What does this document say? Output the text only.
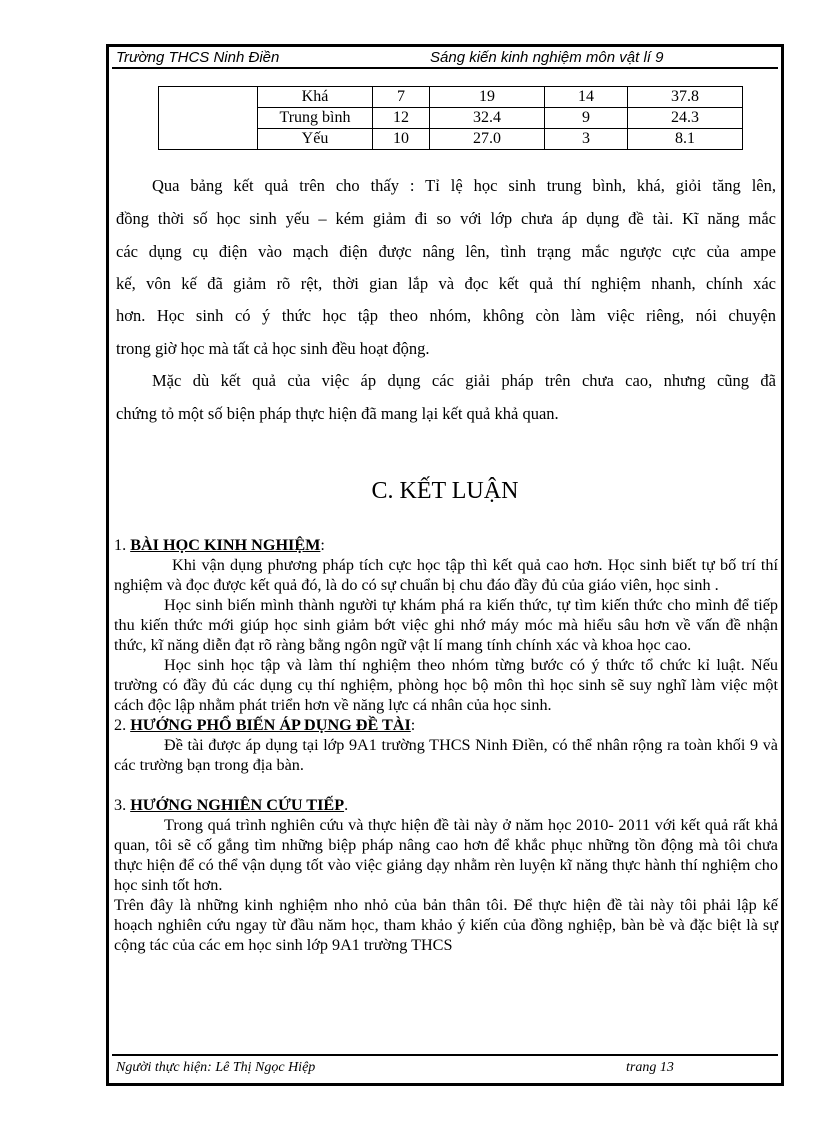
Trường THCS Ninh Điền	Sáng kiến kinh nghiệm môn vật lí 9
	Khá	7	19	14	37.8
	Trung bình	12	32.4	9	24.3
	Yếu	10	27.0	3	8.1
Qua bảng kết quả trên cho thấy : Tỉ lệ học sinh trung bình, khá, giỏi tăng lên,
đồng thời số học sinh yếu – kém giảm đi so với lớp chưa áp dụng đề tài. Kĩ năng mắc
các dụng cụ điện vào mạch điện được nâng lên, tình trạng mắc ngược cực của ampe
kế, vôn kế đã giảm rõ rệt, thời gian lắp và đọc kết quả thí nghiệm nhanh, chính xác
hơn. Học sinh có ý thức học tập theo nhóm, không còn làm việc riêng, nói chuyện
trong giờ học mà tất cả học sinh đều hoạt động.
Mặc dù kết quả của việc áp dụng các giải pháp trên chưa cao, nhưng cũng đã
chứng tỏ một số biện pháp thực hiện đã mang lại kết quả khả quan.
C. KẾT LUẬN
1. BÀI HỌC KINH NGHIỆM:
Khi vận dụng phương pháp tích cực học tập thì kết quả cao hơn. Học sinh biết tự bố trí thí nghiệm và đọc được kết quả đó, là do có sự chuẩn bị chu đáo đầy đủ của giáo viên, học sinh .
Học sinh biến mình thành người tự khám phá ra kiến thức, tự tìm kiến thức cho mình để tiếp thu kiến thức mới giúp học sinh giảm bớt việc ghi nhớ máy móc mà hiểu sâu hơn về vấn đề nhận thức, kĩ năng diễn đạt rõ ràng bằng ngôn ngữ vật lí mang tính chính xác và khoa học cao.
Học sinh học tập và làm thí nghiệm theo nhóm từng bước có ý thức tổ chức kỉ luật. Nếu trường có đầy đủ các dụng cụ thí nghiệm, phòng học bộ môn thì học sinh sẽ suy nghĩ làm việc một cách độc lập nhằm phát triển hơn về năng lực cá nhân của học sinh.
2. HƯỚNG PHỔ BIẾN ÁP DỤNG ĐỀ TÀI:
Đề tài được áp dụng tại lớp 9A1 trường THCS Ninh Điền, có thể nhân rộng ra toàn khối 9 và các trường bạn trong địa bàn.
3. HƯỚNG NGHIÊN CỨU TIẾP.
Trong quá trình nghiên cứu và thực hiện đề tài này ở năm học 2010- 2011 với kết quả rất khả quan, tôi sẽ cố gắng tìm những biệp pháp nâng cao hơn để khắc phục những tồn động mà tôi chưa thực hiện để có thể vận dụng tốt vào việc giảng dạy nhằm rèn luyện kĩ năng thực hành thí nghiệm cho học sinh tốt hơn.
Trên đây là những kinh nghiệm nho nhỏ của bản thân tôi. Để thực hiện đề tài này tôi phải lập kế hoạch nghiên cứu ngay từ đầu năm học, tham khảo ý kiến của đồng nghiệp, bàn bè và đặc biệt là sự cộng tác của các em học sinh lớp 9A1 trường THCS
Người thực hiện: Lê Thị Ngọc Hiệp	trang 13
